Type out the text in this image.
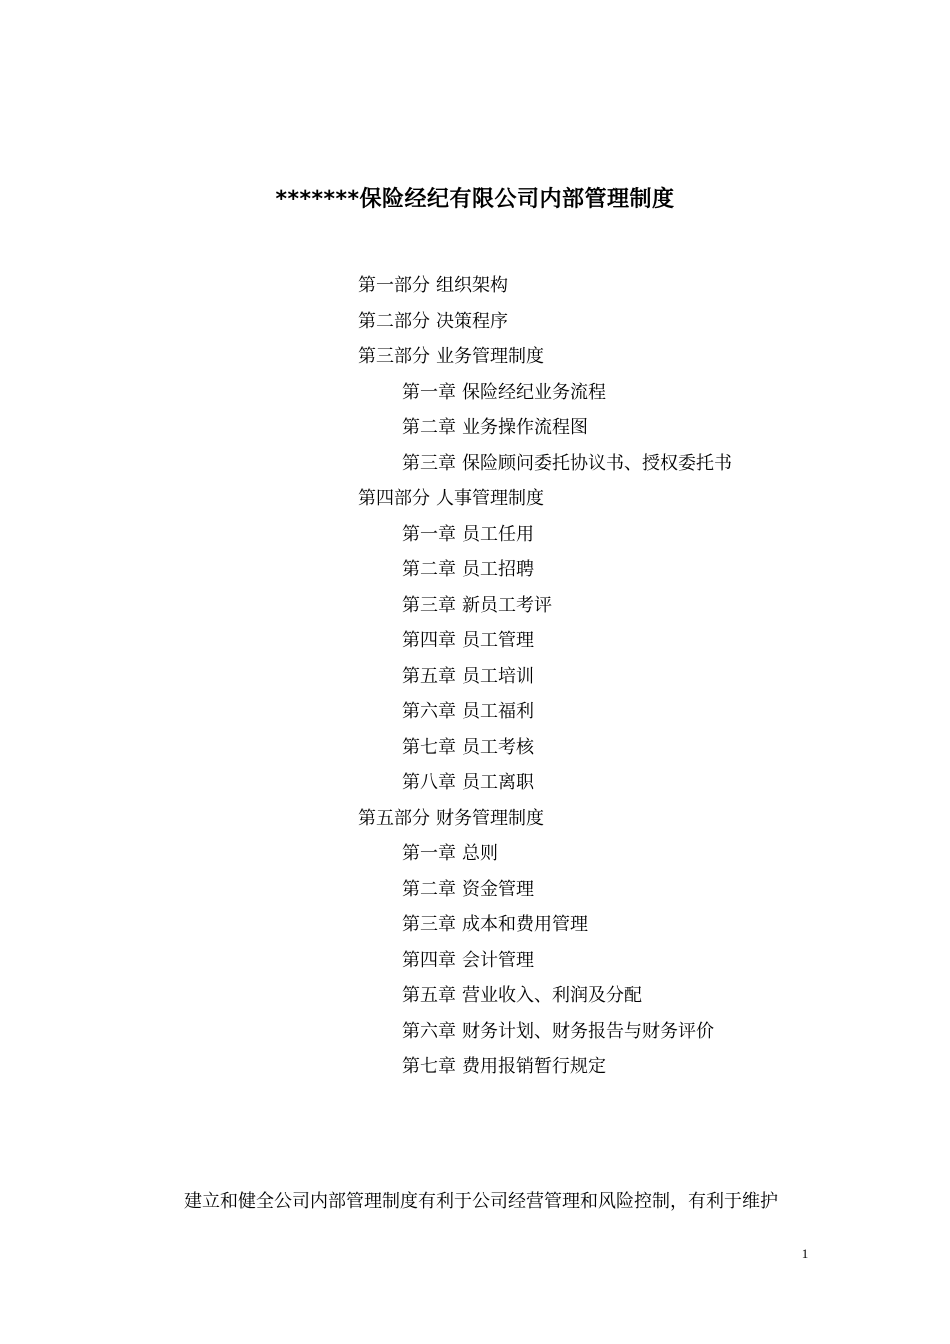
*******保险经纪有限公司内部管理制度
第一部分 组织架构
第二部分 决策程序
第三部分 业务管理制度
第一章 保险经纪业务流程
第二章 业务操作流程图
第三章 保险顾问委托协议书、授权委托书
第四部分 人事管理制度
第一章 员工任用
第二章 员工招聘
第三章 新员工考评
第四章 员工管理
第五章 员工培训
第六章 员工福利
第七章 员工考核
第八章 员工离职
第五部分 财务管理制度
第一章 总则
第二章 资金管理
第三章 成本和费用管理
第四章 会计管理
第五章 营业收入、利润及分配
第六章 财务计划、财务报告与财务评价
第七章 费用报销暂行规定

建立和健全公司内部管理制度有利于公司经营管理和风险控制，有利于维护

1
